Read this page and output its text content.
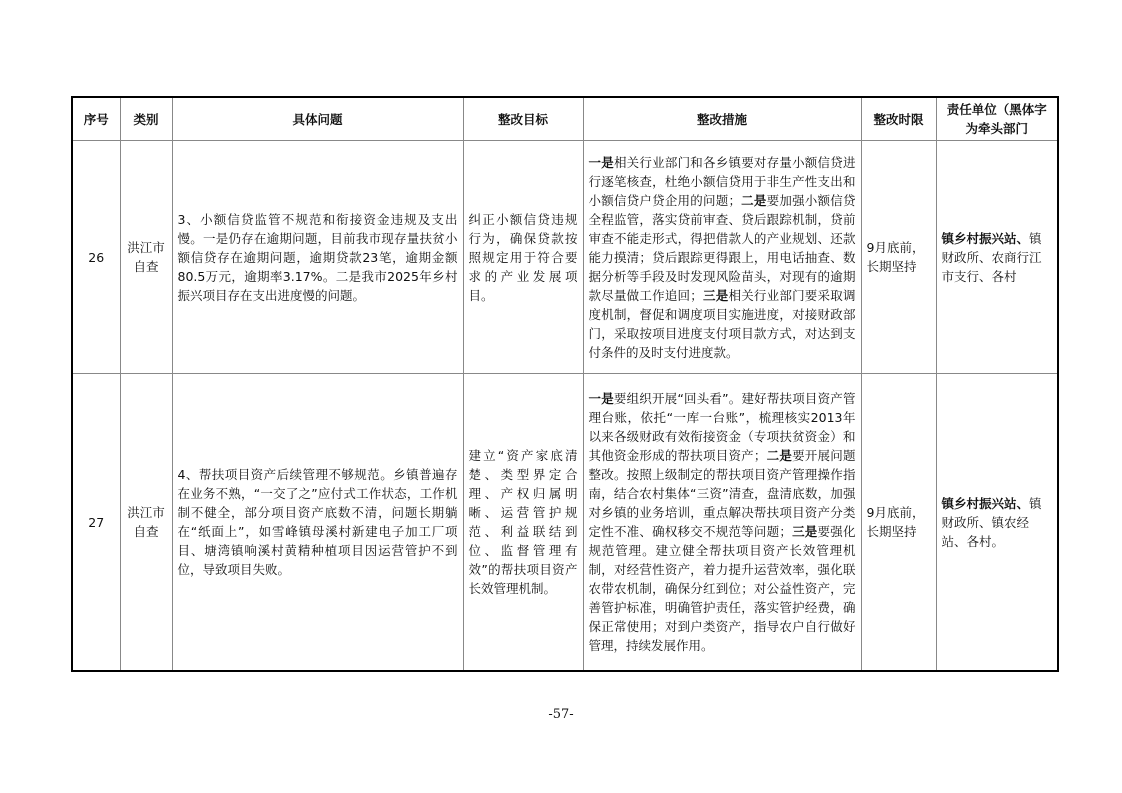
序号	类别	具体问题	整改目标	整改措施	整改时限	责任单位（黑体字为牵头部门
26	洪江市自查	3、小额信贷监管不规范和衔接资金违规及支出慢。一是仍存在逾期问题，目前我市现存量扶贫小额信贷存在逾期问题，逾期贷款23笔，逾期金额80.5万元，逾期率3.17%。二是我市2025年乡村振兴项目存在支出进度慢的问题。	纠正小额信贷违规行为，确保贷款按照规定用于符合要求的产业发展项目。	一是相关行业部门和各乡镇要对存量小额信贷进行逐笔核查，杜绝小额信贷用于非生产性支出和小额信贷户贷企用的问题；二是要加强小额信贷全程监管，落实贷前审查、贷后跟踪机制，贷前审查不能走形式，得把借款人的产业规划、还款能力摸清；贷后跟踪更得跟上，用电话抽查、数据分析等手段及时发现风险苗头，对现有的逾期款尽量做工作追回；三是相关行业部门要采取调度机制，督促和调度项目实施进度，对接财政部门，采取按项目进度支付项目款方式，对达到支付条件的及时支付进度款。	9月底前，长期坚持	镇乡村振兴站、镇财政所、农商行江市支行、各村
27	洪江市自查	4、帮扶项目资产后续管理不够规范。乡镇普遍存在业务不熟，“一交了之”应付式工作状态，工作机制不健全，部分项目资产底数不清，问题长期躺在“纸面上”，如雪峰镇母溪村新建电子加工厂项目、塘湾镇响溪村黄精种植项目因运营管护不到位，导致项目失败。	建立“资产家底清楚、类型界定合理、产权归属明晰、运营管护规范、利益联结到位、监督管理有效”的帮扶项目资产长效管理机制。	一是要组织开展“回头看”。建好帮扶项目资产管理台账，依托“一库一台账”，梳理核实2013年以来各级财政有效衔接资金（专项扶贫资金）和其他资金形成的帮扶项目资产；二是要开展问题整改。按照上级制定的帮扶项目资产管理操作指南，结合农村集体“三资”清查，盘清底数，加强对乡镇的业务培训，重点解决帮扶项目资产分类定性不准、确权移交不规范等问题；三是要强化规范管理。建立健全帮扶项目资产长效管理机制，对经营性资产，着力提升运营效率，强化联农带农机制，确保分红到位；对公益性资产，完善管护标准，明确管护责任，落实管护经费，确保正常使用；对到户类资产，指导农户自行做好管理，持续发展作用。	9月底前，长期坚持	镇乡村振兴站、镇财政所、镇农经站、各村。
-57-
